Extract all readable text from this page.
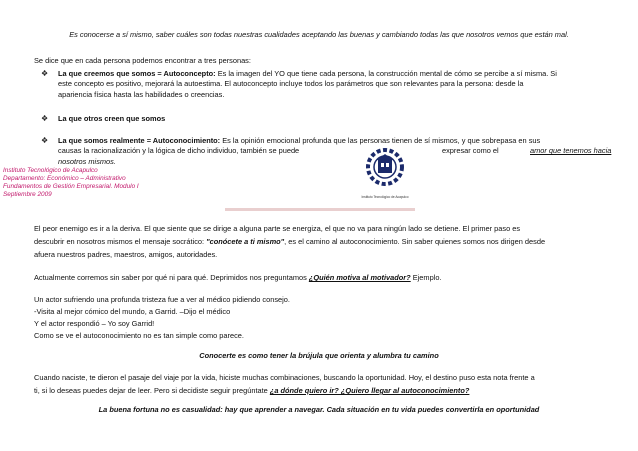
Es conocerse a sí mismo, saber cuáles son todas nuestras cualidades aceptando las buenas y cambiando todas las que nosotros vemos que están mal.
Se dice que en cada persona podemos encontrar a tres personas:
❖ La que creemos que somos = Autoconcepto: Es la imagen del YO que tiene cada persona, la construcción mental de cómo se percibe a sí misma. Si
este concepto es positivo, mejorará la autoestima. El autoconcepto incluye todos los parámetros que son relevantes para la persona: desde la
apariencia física hasta las habilidades o creencias.
❖ La que otros creen que somos
❖ La que somos realmente = Autoconocimiento: Es la opinión emocional profunda que las personas tienen de sí mismos, y que sobrepasa en sus
causas la racionalización y la lógica de dicho individuo, también se puede	expresar como el	amor que tenemos hacia
nosotros mismos.
Instituto Tecnológico de Acapulco
Instituto Tecnológico de Acapulco
Departamento: Económico – Administrativo
Fundamentos de Gestión Empresarial. Modulo I
Septiembre 2009
El peor enemigo es ir a la deriva. El que siente que se dirige a alguna parte se energiza, el que no va para ningún lado se detiene. El primer paso es
descubrir en nosotros mismos el mensaje socrático: "conócete a ti mismo", es el camino al autoconocimiento. Sin saber quienes somos nos dirigen desde
afuera nuestros padres, maestros, amigos, autoridades.
Actualmente corremos sin saber por qué ni para qué. Deprimidos nos preguntamos ¿Quién motiva al motivador? Ejemplo.
Un actor sufriendo una profunda tristeza fue a ver al médico pidiendo consejo.
-Visita al mejor cómico del mundo, a Garrid. –Dijo el médico
Y el actor respondió – Yo soy Garrid!
Como se ve el autoconocimiento no es tan simple como parece.
Conocerte es como tener la brújula que orienta y alumbra tu camino
Cuando naciste, te dieron el pasaje del viaje por la vida, hiciste muchas combinaciones, buscando la oportunidad. Hoy, el destino puso esta nota frente a
ti, si lo deseas puedes dejar de leer. Pero si decidiste seguir pregúntate ¿a dónde quiero ir? ¿Quiero llegar al autoconocimiento?
La buena fortuna no es casualidad: hay que aprender a navegar. Cada situación en tu vida puedes convertirla en oportunidad
